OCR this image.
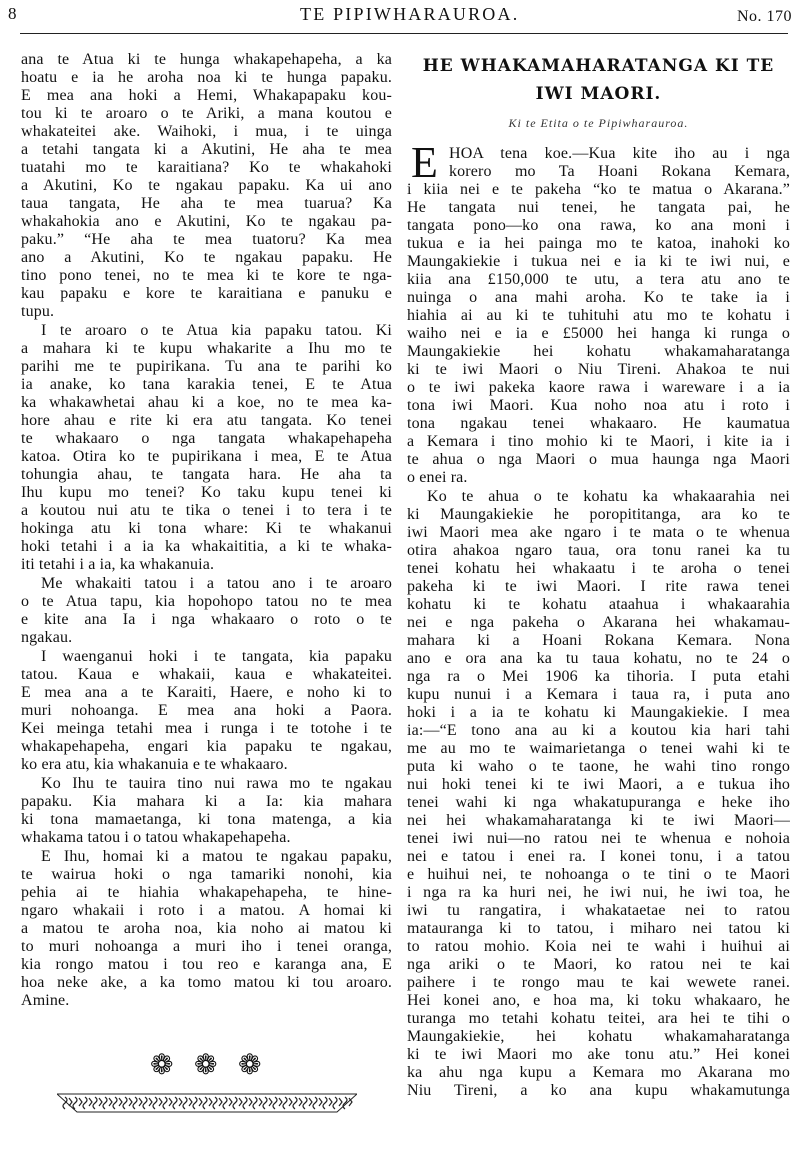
8	TE PIPIWHARAUROA.	No. 170
ana te Atua ki te hunga whakapehapeha, a ka
hoatu e ia he aroha noa ki te hunga papaku.
E mea ana hoki a Hemi, Whakapapaku kou-
tou ki te aroaro o te Ariki, a mana koutou e
whakateitei ake. Waihoki, i mua, i te uinga
a tetahi tangata ki a Akutini, He aha te mea
tuatahi mo te karaitiana? Ko te whakahoki
a Akutini, Ko te ngakau papaku. Ka ui ano
taua tangata, He aha te mea tuarua? Ka
whakahokia ano e Akutini, Ko te ngakau pa-
paku.” “He aha te mea tuatoru? Ka mea
ano a Akutini, Ko te ngakau papaku. He
tino pono tenei, no te mea ki te kore te nga-
kau papaku e kore te karaitiana e panuku e
tupu.
I te aroaro o te Atua kia papaku tatou. Ki
a mahara ki te kupu whakarite a Ihu mo te
parihi me te pupirikana. Tu ana te parihi ko
ia anake, ko tana karakia tenei, E te Atua
ka whakawhetai ahau ki a koe, no te mea ka-
hore ahau e rite ki era atu tangata. Ko tenei
te whakaaro o nga tangata whakapehapeha
katoa. Otira ko te pupirikana i mea, E te Atua
tohungia ahau, te tangata hara. He aha ta
Ihu kupu mo tenei? Ko taku kupu tenei ki
a koutou nui atu te tika o tenei i to tera i te
hokinga atu ki tona whare: Ki te whakanui
hoki tetahi i a ia ka whakaititia, a ki te whaka-
iti tetahi i a ia, ka whakanuia.
Me whakaiti tatou i a tatou ano i te aroaro
o te Atua tapu, kia hopohopo tatou no te mea
e kite ana Ia i nga whakaaro o roto o te
ngakau.
I waenganui hoki i te tangata, kia papaku
tatou. Kaua e whakaii, kaua e whakateitei.
E mea ana a te Karaiti, Haere, e noho ki to
muri nohoanga. E mea ana hoki a Paora.
Kei meinga tetahi mea i runga i te totohe i te
whakapehapeha, engari kia papaku te ngakau,
ko era atu, kia whakanuia e te whakaaro.
Ko Ihu te tauira tino nui rawa mo te ngakau
papaku. Kia mahara ki a Ia: kia mahara
ki tona mamaetanga, ki tona matenga, a kia
whakama tatou i o tatou whakapehapeha.
E Ihu, homai ki a matou te ngakau papaku,
te wairua hoki o nga tamariki nonohi, kia
pehia ai te hiahia whakapehapeha, te hine-
ngaro whakaii i roto i a matou. A homai ki
a matou te aroha noa, kia noho ai matou ki
to muri nohoanga a muri iho i tenei oranga,
kia rongo matou i tou reo e karanga ana, E
hoa neke ake, a ka tomo matou ki tou aroaro.
Amine.
HE WHAKAMAHARATANGA KI TE
IWI MAORI.
Ki te Etita o te Pipiwharauroa.
E HOA tena koe.—Kua kite iho au i nga
korero mo Ta Hoani Rokana Kemara,
i kiia nei e te pakeha “ko te matua o Akarana.”
He tangata nui tenei, he tangata pai, he
tangata pono—ko ona rawa, ko ana moni i
tukua e ia hei painga mo te katoa, inahoki ko
Maungakiekie i tukua nei e ia ki te iwi nui, e
kiia ana £150,000 te utu, a tera atu ano te
nuinga o ana mahi aroha. Ko te take ia i
hiahia ai au ki te tuhituhi atu mo te kohatu i
waiho nei e ia e £5000 hei hanga ki runga o
Maungakiekie hei kohatu whakamaharatanga
ki te iwi Maori o Niu Tireni. Ahakoa te nui
o te iwi pakeka kaore rawa i wareware i a ia
tona iwi Maori. Kua noho noa atu i roto i
tona ngakau tenei whakaaro. He kaumatua
a Kemara i tino mohio ki te Maori, i kite ia i
te ahua o nga Maori o mua haunga nga Maori
o enei ra.
Ko te ahua o te kohatu ka whakaarahia nei
ki Maungakiekie he poropititanga, ara ko te
iwi Maori mea ake ngaro i te mata o te whenua
otira ahakoa ngaro taua, ora tonu ranei ka tu
tenei kohatu hei whakaatu i te aroha o tenei
pakeha ki te iwi Maori. I rite rawa tenei
kohatu ki te kohatu ataahua i whakaarahia
nei e nga pakeha o Akarana hei whakamau-
mahara ki a Hoani Rokana Kemara. Nona
ano e ora ana ka tu taua kohatu, no te 24 o
nga ra o Mei 1906 ka tihoria. I puta etahi
kupu nunui i a Kemara i taua ra, i puta ano
hoki i a ia te kohatu ki Maungakiekie. I mea
ia:—“E tono ana au ki a koutou kia hari tahi
me au mo te waimarietanga o tenei wahi ki te
puta ki waho o te taone, he wahi tino rongo
nui hoki tenei ki te iwi Maori, a e tukua iho
tenei wahi ki nga whakatupuranga e heke iho
nei hei whakamaharatanga ki te iwi Maori—
tenei iwi nui—no ratou nei te whenua e nohoia
nei e tatou i enei ra. I konei tonu, i a tatou
e huihui nei, te nohoanga o te tini o te Maori
i nga ra ka huri nei, he iwi nui, he iwi toa, he
iwi tu rangatira, i whakataetae nei to ratou
matauranga ki to tatou, i miharo nei tatou ki
to ratou mohio. Koia nei te wahi i huihui ai
nga ariki o te Maori, ko ratou nei te kai
paihere i te rongo mau te kai wewete ranei.
Hei konei ano, e hoa ma, ki toku whakaaro, he
turanga mo tetahi kohatu teitei, ara hei te tihi o
Maungakiekie, hei kohatu whakamaharatanga
ki te iwi Maori mo ake tonu atu.” Hei konei
ka ahu nga kupu a Kemara mo Akarana mo
Niu Tireni, a ko ana kupu whakamutunga
❁ ❁ ❁
